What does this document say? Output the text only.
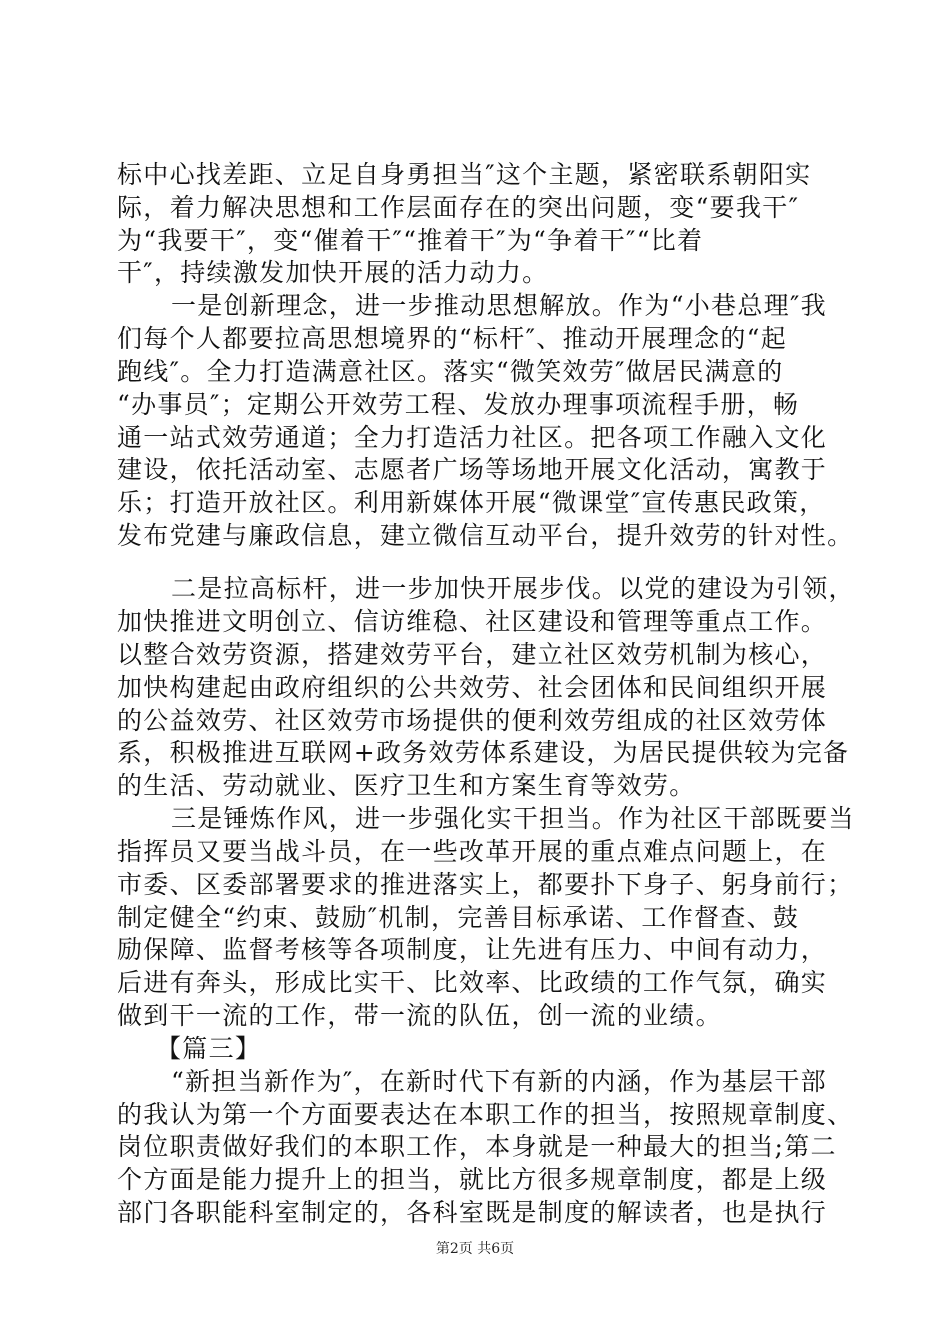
标中心找差距、立足自身勇担当″这个主题，紧密联系朝阳实
际，着力解决思想和工作层面存在的突出问题，变“要我干″
为“我要干″，变“催着干″“推着干″为“争着干″“比着
干″，持续激发加快开展的活力动力。
一是创新理念，进一步推动思想解放。作为“小巷总理″我
们每个人都要拉高思想境界的“标杆″、推动开展理念的“起
跑线″。全力打造满意社区。落实“微笑效劳″做居民满意的
“办事员″；定期公开效劳工程、发放办理事项流程手册，畅
通一站式效劳通道；全力打造活力社区。把各项工作融入文化
建设，依托活动室、志愿者广场等场地开展文化活动，寓教于
乐；打造开放社区。利用新媒体开展“微课堂″宣传惠民政策，
发布党建与廉政信息，建立微信互动平台，提升效劳的针对性。
二是拉高标杆，进一步加快开展步伐。以党的建设为引领，
加快推进文明创立、信访维稳、社区建设和管理等重点工作。
以整合效劳资源，搭建效劳平台，建立社区效劳机制为核心，
加快构建起由政府组织的公共效劳、社会团体和民间组织开展
的公益效劳、社区效劳市场提供的便利效劳组成的社区效劳体
系，积极推进互联网+政务效劳体系建设，为居民提供较为完备
的生活、劳动就业、医疗卫生和方案生育等效劳。
三是锤炼作风，进一步强化实干担当。作为社区干部既要当
指挥员又要当战斗员，在一些改革开展的重点难点问题上，在
市委、区委部署要求的推进落实上，都要扑下身子、躬身前行；
制定健全“约束、鼓励″机制，完善目标承诺、工作督查、鼓
励保障、监督考核等各项制度，让先进有压力、中间有动力，
后进有奔头，形成比实干、比效率、比政绩的工作气氛，确实
做到干一流的工作，带一流的队伍，创一流的业绩。
【篇三】
“新担当新作为″，在新时代下有新的内涵，作为基层干部
的我认为第一个方面要表达在本职工作的担当，按照规章制度、
岗位职责做好我们的本职工作，本身就是一种最大的担当;第二
个方面是能力提升上的担当，就比方很多规章制度，都是上级
部门各职能科室制定的，各科室既是制度的解读者，也是执行
第2页 共6页
